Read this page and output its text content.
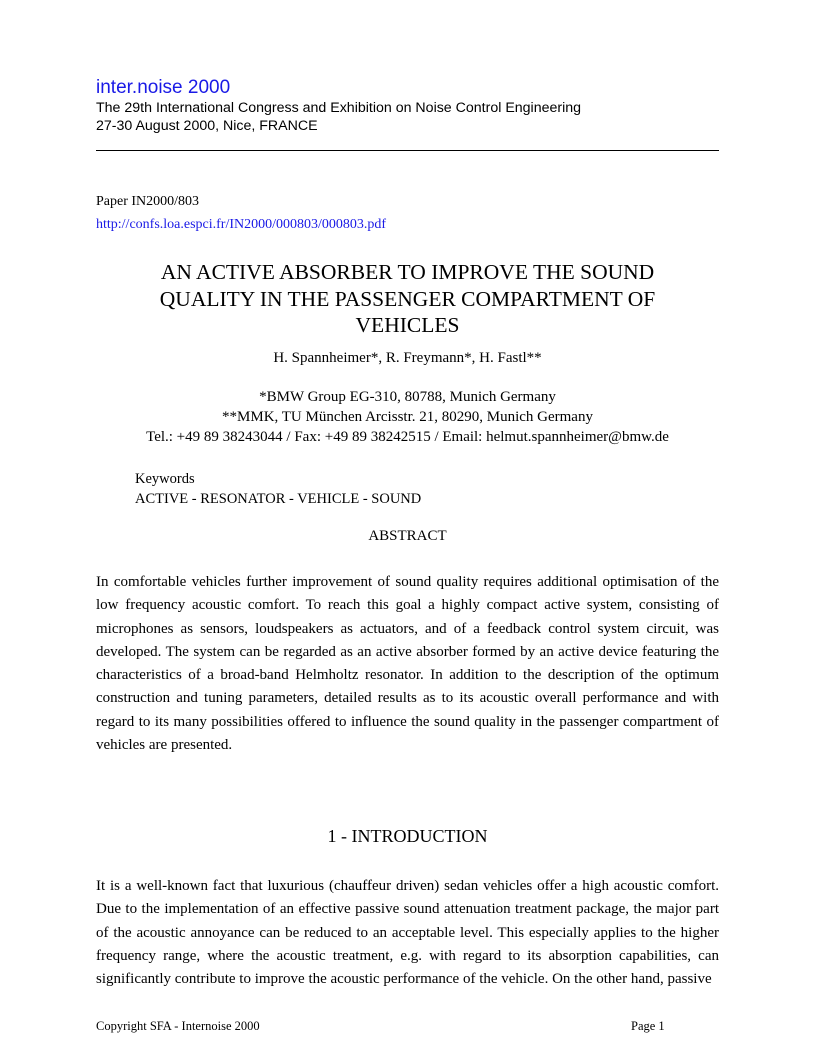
inter.noise 2000
The 29th International Congress and Exhibition on Noise Control Engineering
27-30 August 2000, Nice, FRANCE
Paper IN2000/803
http://confs.loa.espci.fr/IN2000/000803/000803.pdf
AN ACTIVE ABSORBER TO IMPROVE THE SOUND
QUALITY IN THE PASSENGER COMPARTMENT OF
VEHICLES
H. Spannheimer*, R. Freymann*, H. Fastl**
*BMW Group EG-310, 80788, Munich Germany
**MMK, TU München Arcisstr. 21, 80290, Munich Germany
Tel.: +49 89 38243044 / Fax: +49 89 38242515 / Email: helmut.spannheimer@bmw.de
Keywords
ACTIVE - RESONATOR - VEHICLE - SOUND
ABSTRACT
In comfortable vehicles further improvement of sound quality requires additional optimisation of the low frequency acoustic comfort. To reach this goal a highly compact active system, consisting of microphones as sensors, loudspeakers as actuators, and of a feedback control system circuit, was developed. The system can be regarded as an active absorber formed by an active device featuring the characteristics of a broad-band Helmholtz resonator. In addition to the description of the optimum construction and tuning parameters, detailed results as to its acoustic overall performance and with regard to its many possibilities offered to influence the sound quality in the passenger compartment of vehicles are presented.
1 - INTRODUCTION
It is a well-known fact that luxurious (chauffeur driven) sedan vehicles offer a high acoustic comfort. Due to the implementation of an effective passive sound attenuation treatment package, the major part of the acoustic annoyance can be reduced to an acceptable level. This especially applies to the higher frequency range, where the acoustic treatment, e.g. with regard to its absorption capabilities, can significantly contribute to improve the acoustic performance of the vehicle. On the other hand, passive
Copyright SFA - Internoise 2000	Page 1
